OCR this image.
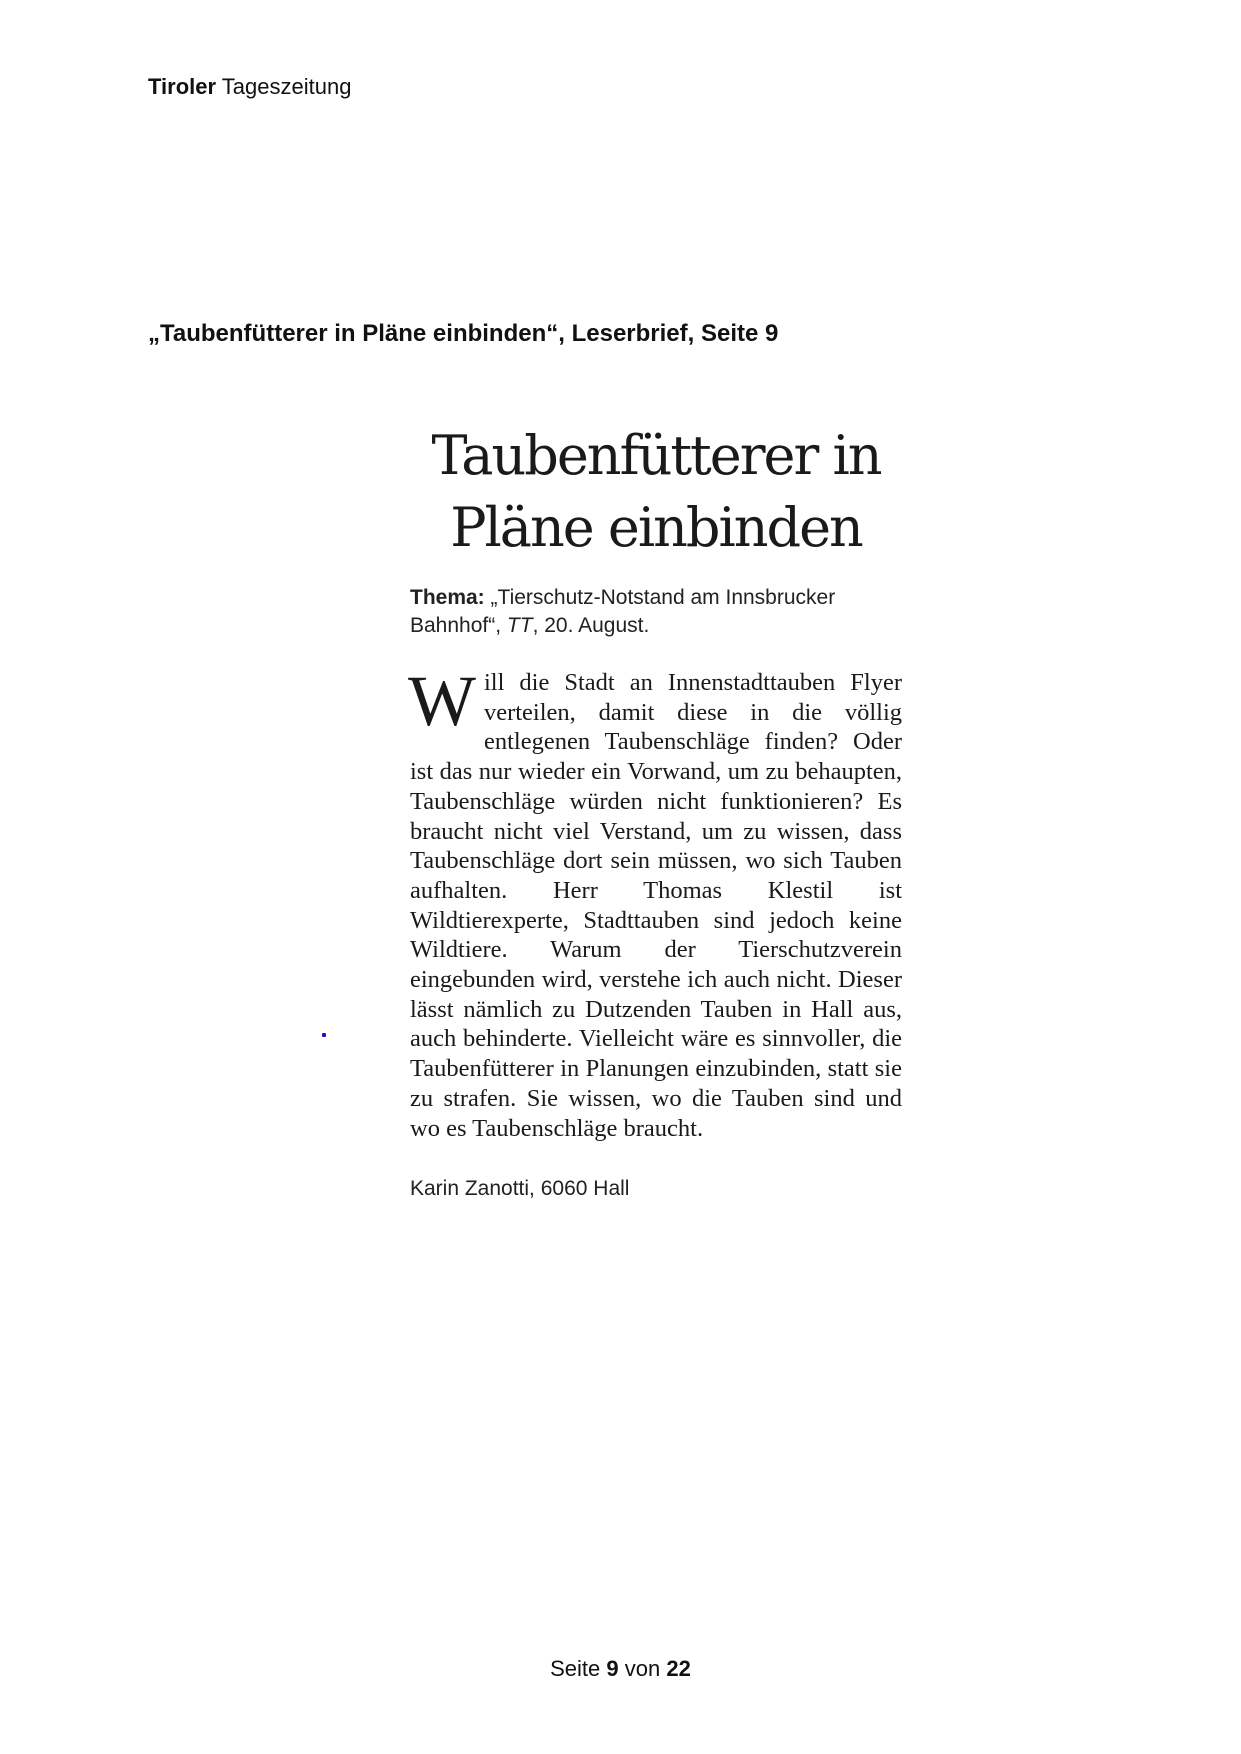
Tiroler Tageszeitung
„Taubenfütterer in Pläne einbinden“, Leserbrief, Seite 9
Taubenfütterer in
Pläne einbinden
Thema: „Tierschutz-Notstand am Innsbrucker Bahnhof“, TT, 20. August.
Will die Stadt an Innenstadttauben Flyer verteilen, damit diese in die völlig entlegenen Taubenschläge finden? Oder ist das nur wieder ein Vorwand, um zu behaupten, Taubenschläge würden nicht funktionieren? Es braucht nicht viel Verstand, um zu wissen, dass Taubenschläge dort sein müssen, wo sich Tauben aufhalten. Herr Thomas Klestil ist Wildtierexperte, Stadttauben sind jedoch keine Wildtiere. Warum der Tierschutzverein eingebunden wird, verstehe ich auch nicht. Dieser lässt nämlich zu Dutzenden Tauben in Hall aus, auch behinderte. Vielleicht wäre es sinnvoller, die Taubenfütterer in Planungen einzubinden, statt sie zu strafen. Sie wissen, wo die Tauben sind und wo es Taubenschläge braucht.
Karin Zanotti, 6060 Hall
Seite 9 von 22
